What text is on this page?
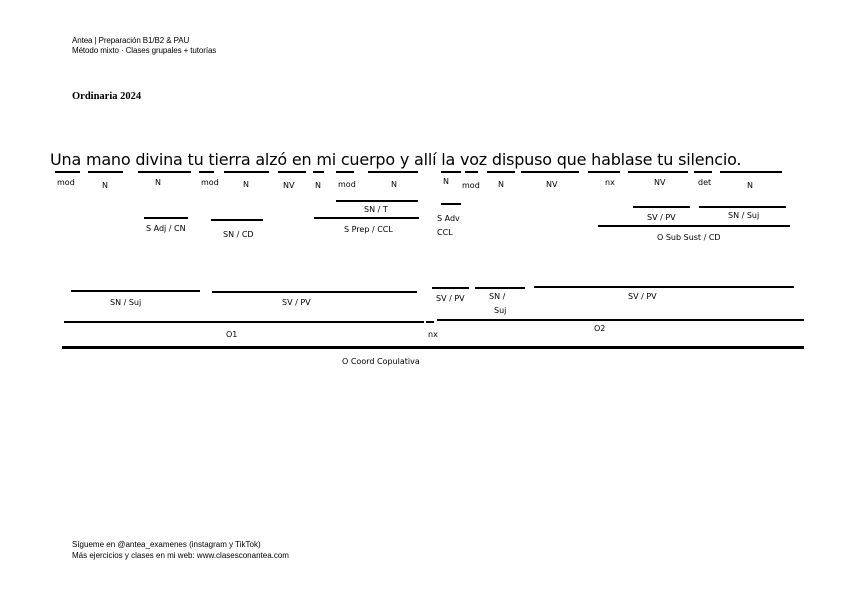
Antea | Preparación B1/B2 & PAU
Método mixto · Clases grupales + tutorías
Ordinaria 2024
Una mano divina tu tierra alzó en mi cuerpo y allí la voz dispuso que hablase tu silencio.
mod	N	N	mod	N	NV	N mod	N	N mod N	NV	nx	NV	det	N
SN / T
S Adv
CCL
SV / PV	SN / Suj
S Adj / CN
SN / CD
S Prep / CCL
O Sub Sust / CD
SN / Suj	SV / PV	SV / PV	SN /
Suj
SV / PV
O1	nx
O2
O Coord Copulativa
Sígueme en @antea_examenes (instagram y TikTok)
Más ejercicios y clases en mi web: www.clasesconantea.com
